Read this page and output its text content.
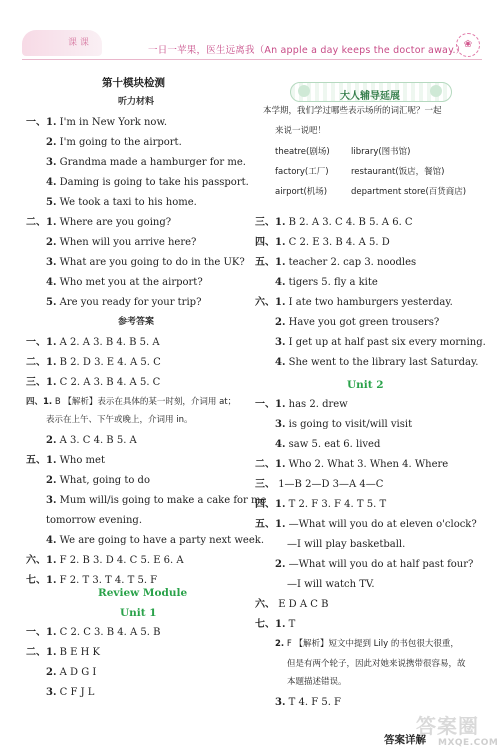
课 课
一日一苹果，医生远离我（An apple a day keeps the doctor away.）
❀
第十模块检测
听力材料
一、1. I'm in New York now.
2. I'm going to the airport.
3. Grandma made a hamburger for me.
4. Daming is going to take his passport.
5. We took a taxi to his home.
二、1. Where are you going?
2. When will you arrive here?
3. What are you going to do in the UK?
4. Who met you at the airport?
5. Are you ready for your trip?
参考答案
一、1. A 2. A 3. B 4. B 5. A
二、1. B 2. D 3. E 4. A 5. C
三、1. C 2. A 3. B 4. A 5. C
四、1. B 【解析】表示在具体的某一时刻，介词用 at；
表示在上午、下午或晚上，介词用 in。
2. A 3. C 4. B 5. A
五、1. Who met
2. What, going to do
3. Mum will/is going to make a cake for me
tomorrow evening.
4. We are going to have a party next week.
六、1. F 2. B 3. D 4. C 5. E 6. A
七、1. F 2. T 3. T 4. T 5. F
Review Module
Unit 1
一、1. C 2. C 3. B 4. A 5. B
二、1. B E H K
2. A D G I
3. C F J L
大人辅导延展
本学期，我们学过哪些表示场所的词汇呢？一起
来说一说吧！
theatre(剧场)	library(图书馆)
factory(工厂)	restaurant(饭店，餐馆)
airport(机场)	department store(百货商店)
三、1. B 2. A 3. C 4. B 5. A 6. C
四、1. C 2. E 3. B 4. A 5. D
五、1. teacher 2. cap 3. noodles
4. tigers 5. fly a kite
六、1. I ate two hamburgers yesterday.
2. Have you got green trousers?
3. I get up at half past six every morning.
4. She went to the library last Saturday.
Unit 2
一、1. has 2. drew
3. is going to visit/will visit
4. saw 5. eat 6. lived
二、1. Who 2. What 3. When 4. Where
三、 1—B 2—D 3—A 4—C
四、1. T 2. F 3. F 4. T 5. T
五、1. —What will you do at eleven o'clock?
—I will play basketball.
2. —What will you do at half past four?
—I will watch TV.
六、 E D A C B
七、1. T
2. F 【解析】短文中提到 Lily 的书包很大很重，
但是有两个轮子，因此对她来说携带很容易，故
本题描述错误。
3. T 4. F 5. F
答案详解
答案圈
MXQE.COM
